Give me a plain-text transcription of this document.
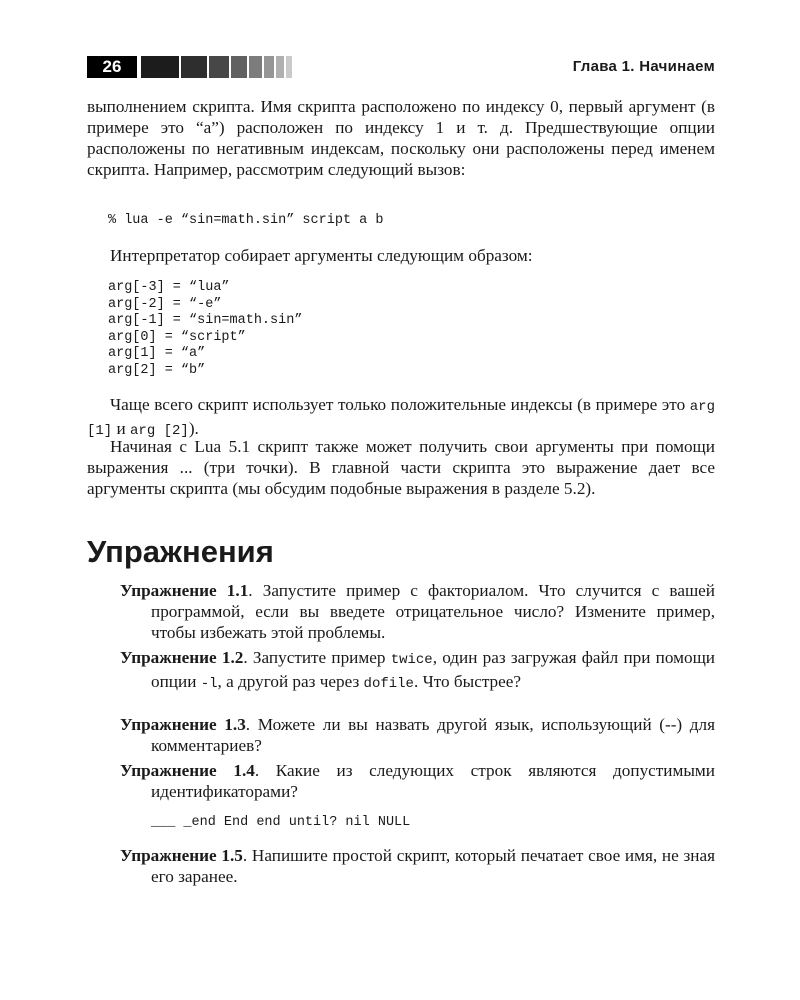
26	Глава 1. Начинаем

выполнением скрипта. Имя скрипта расположено по индексу 0, первый аргумент (в примере это “a”) расположен по индексу 1 и т. д. Предшествующие опции расположены по негативным индексам, поскольку они расположены перед именем скрипта. Например, рассмотрим следующий вызов:

% lua -e “sin=math.sin” script a b

Интерпретатор собирает аргументы следующим образом:

arg[-3] = “lua”
arg[-2] = “-e”
arg[-1] = “sin=math.sin”
arg[0] = “script”
arg[1] = “a”
arg[2] = “b”

Чаще всего скрипт использует только положительные индексы (в примере это arg [1] и arg [2]).

Начиная с Lua 5.1 скрипт также может получить свои аргументы при помощи выражения ... (три точки). В главной части скрипта это выражение дает все аргументы скрипта (мы обсудим подобные выражения в разделе 5.2).

Упражнения

Упражнение 1.1. Запустите пример с факториалом. Что случится с вашей программой, если вы введете отрицательное число? Измените пример, чтобы избежать этой проблемы.

Упражнение 1.2. Запустите пример twice, один раз загружая файл при помощи опции -l, а другой раз через dofile. Что быстрее?

Упражнение 1.3. Можете ли вы назвать другой язык, использующий (--) для комментариев?

Упражнение 1.4. Какие из следующих строк являются допустимыми идентификаторами?

___ _end End end until? nil NULL

Упражнение 1.5. Напишите простой скрипт, который печатает свое имя, не зная его заранее.
